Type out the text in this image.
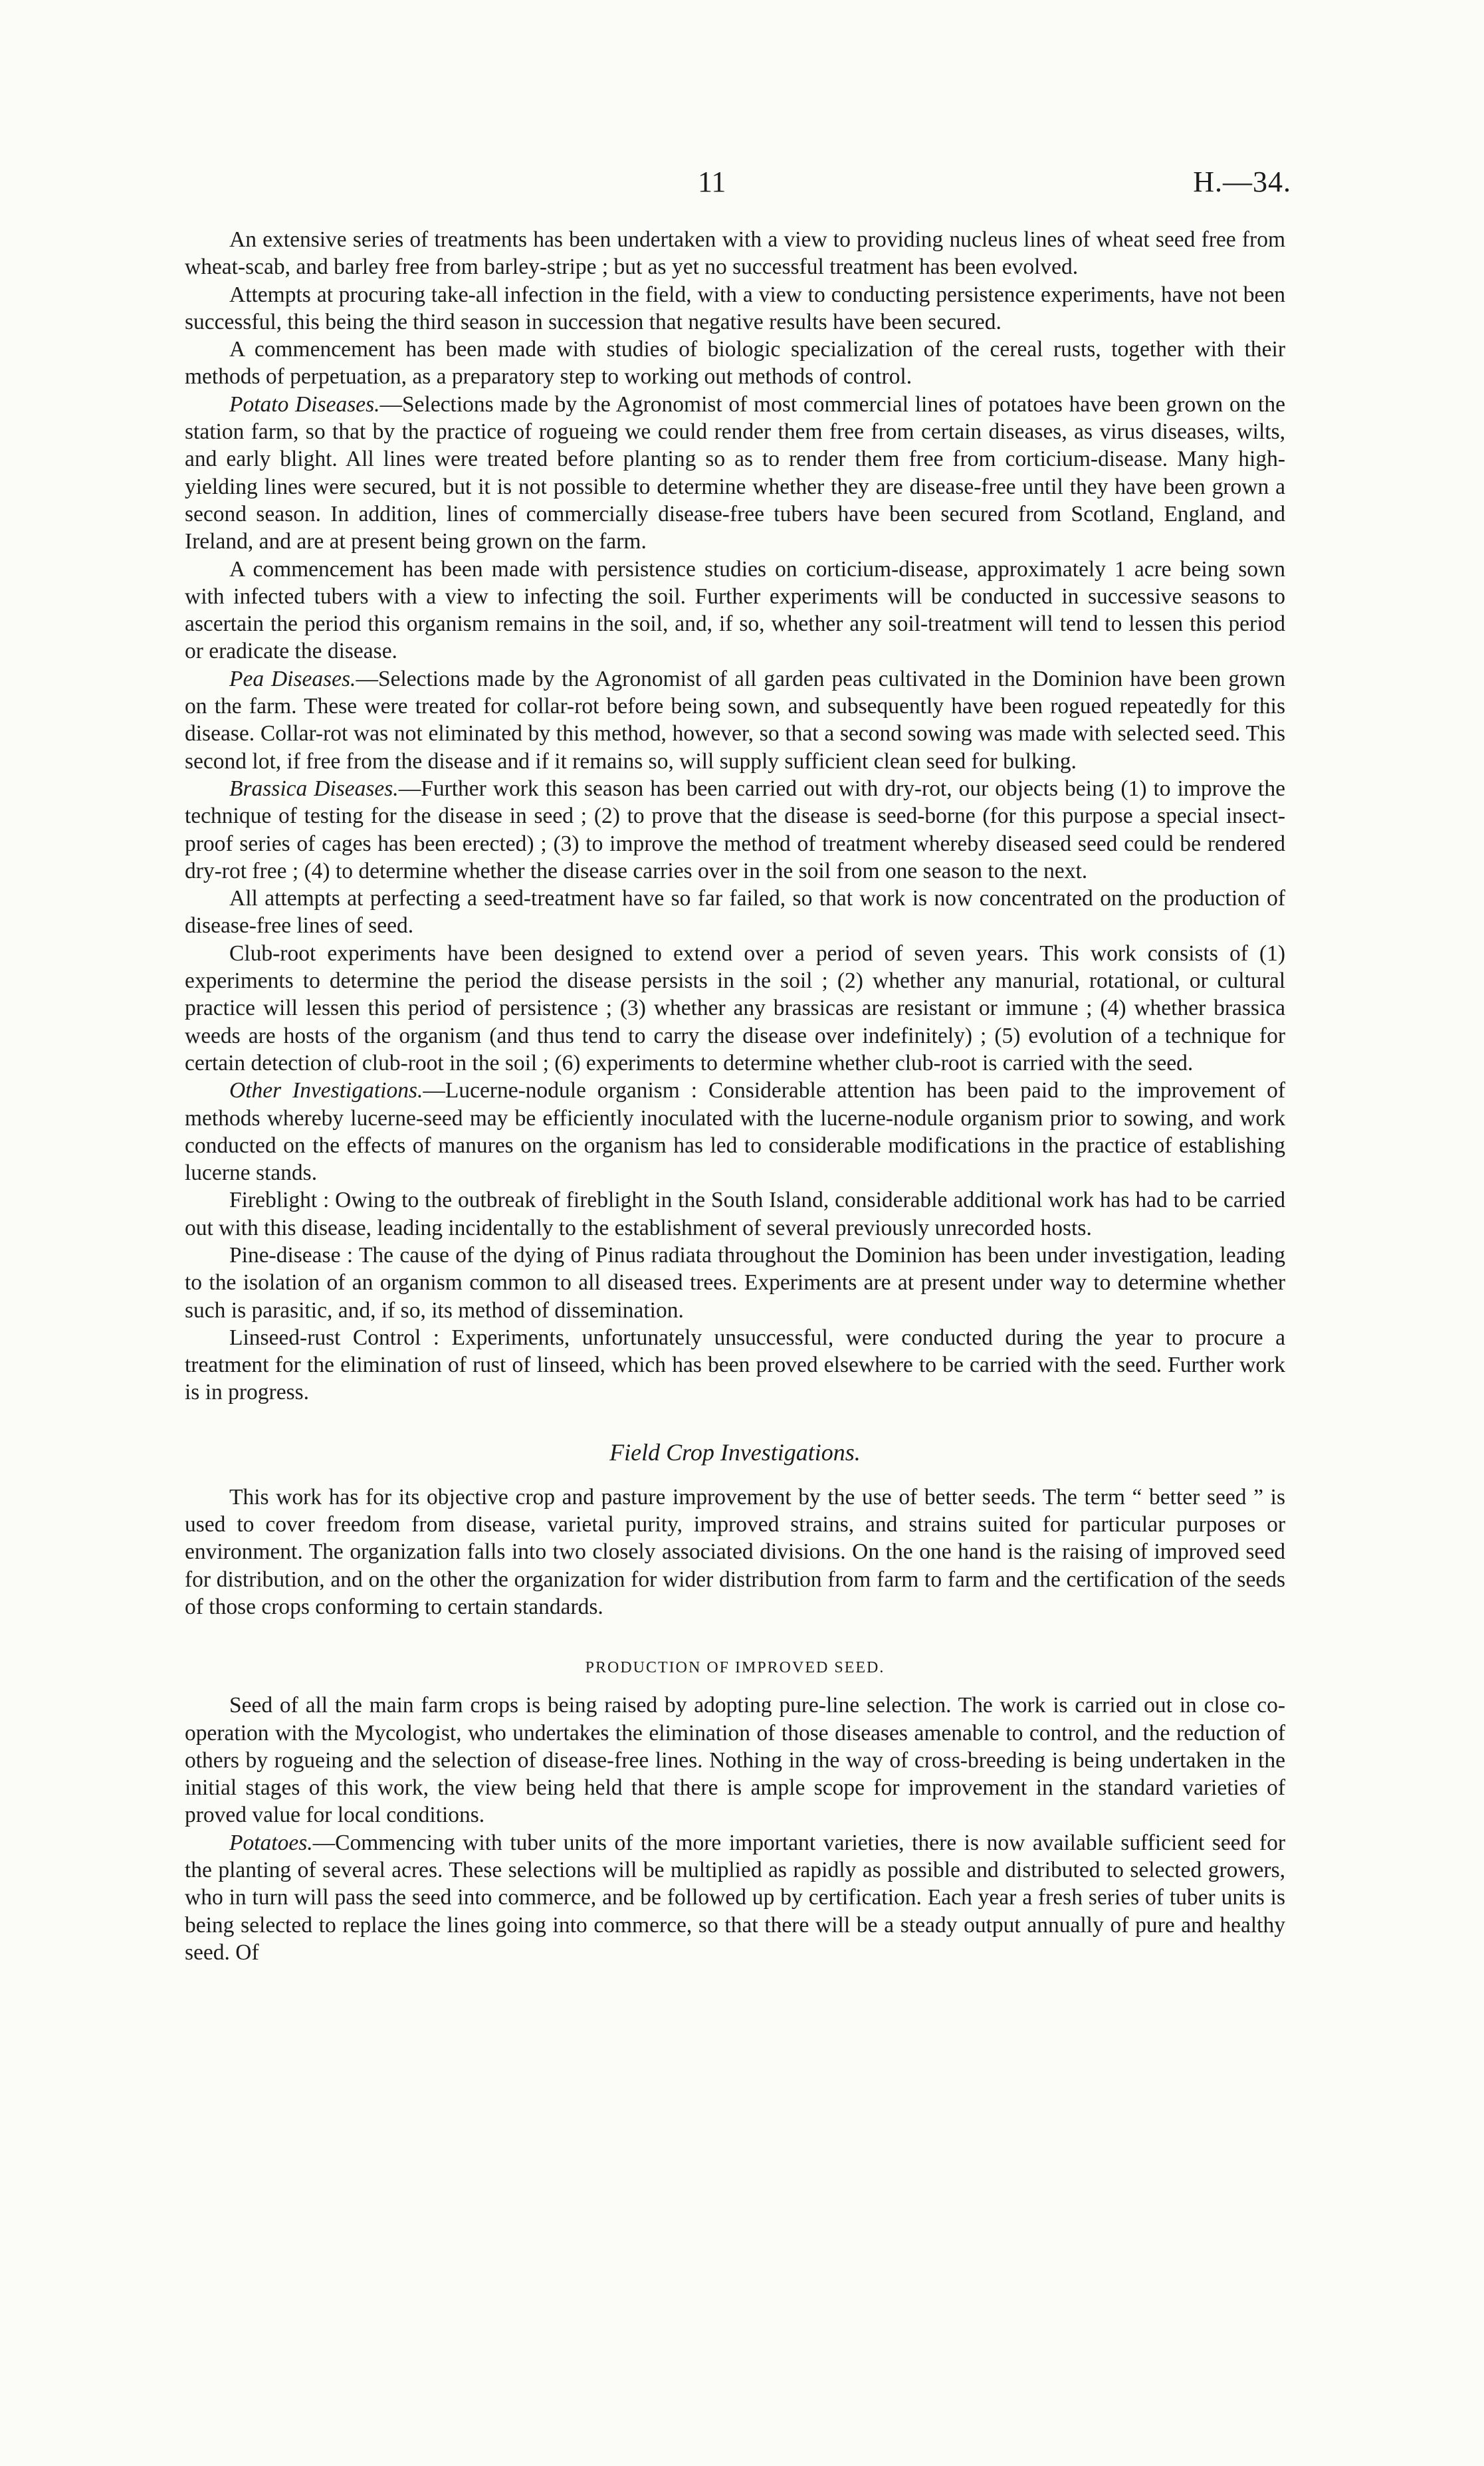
11	H.—34.

An extensive series of treatments has been undertaken with a view to providing nucleus lines of wheat seed free from wheat-scab, and barley free from barley-stripe ; but as yet no successful treatment has been evolved.

Attempts at procuring take-all infection in the field, with a view to conducting persistence experiments, have not been successful, this being the third season in succession that negative results have been secured.

A commencement has been made with studies of biologic specialization of the cereal rusts, together with their methods of perpetuation, as a preparatory step to working out methods of control.

Potato Diseases.—Selections made by the Agronomist of most commercial lines of potatoes have been grown on the station farm, so that by the practice of rogueing we could render them free from certain diseases, as virus diseases, wilts, and early blight. All lines were treated before planting so as to render them free from corticium-disease. Many high-yielding lines were secured, but it is not possible to determine whether they are disease-free until they have been grown a second season. In addition, lines of commercially disease-free tubers have been secured from Scotland, England, and Ireland, and are at present being grown on the farm.

A commencement has been made with persistence studies on corticium-disease, approximately 1 acre being sown with infected tubers with a view to infecting the soil. Further experiments will be conducted in successive seasons to ascertain the period this organism remains in the soil, and, if so, whether any soil-treatment will tend to lessen this period or eradicate the disease.

Pea Diseases.—Selections made by the Agronomist of all garden peas cultivated in the Dominion have been grown on the farm. These were treated for collar-rot before being sown, and subsequently have been rogued repeatedly for this disease. Collar-rot was not eliminated by this method, however, so that a second sowing was made with selected seed. This second lot, if free from the disease and if it remains so, will supply sufficient clean seed for bulking.

Brassica Diseases.—Further work this season has been carried out with dry-rot, our objects being (1) to improve the technique of testing for the disease in seed ; (2) to prove that the disease is seed-borne (for this purpose a special insect-proof series of cages has been erected) ; (3) to improve the method of treatment whereby diseased seed could be rendered dry-rot free ; (4) to determine whether the disease carries over in the soil from one season to the next.

All attempts at perfecting a seed-treatment have so far failed, so that work is now concentrated on the production of disease-free lines of seed.

Club-root experiments have been designed to extend over a period of seven years. This work consists of (1) experiments to determine the period the disease persists in the soil ; (2) whether any manurial, rotational, or cultural practice will lessen this period of persistence ; (3) whether any brassicas are resistant or immune ; (4) whether brassica weeds are hosts of the organism (and thus tend to carry the disease over indefinitely) ; (5) evolution of a technique for certain detection of club-root in the soil ; (6) experiments to determine whether club-root is carried with the seed.

Other Investigations.—Lucerne-nodule organism : Considerable attention has been paid to the improvement of methods whereby lucerne-seed may be efficiently inoculated with the lucerne-nodule organism prior to sowing, and work conducted on the effects of manures on the organism has led to considerable modifications in the practice of establishing lucerne stands.

Fireblight : Owing to the outbreak of fireblight in the South Island, considerable additional work has had to be carried out with this disease, leading incidentally to the establishment of several previously unrecorded hosts.

Pine-disease : The cause of the dying of Pinus radiata throughout the Dominion has been under investigation, leading to the isolation of an organism common to all diseased trees. Experiments are at present under way to determine whether such is parasitic, and, if so, its method of dissemination.

Linseed-rust Control : Experiments, unfortunately unsuccessful, were conducted during the year to procure a treatment for the elimination of rust of linseed, which has been proved elsewhere to be carried with the seed. Further work is in progress.

Field Crop Investigations.

This work has for its objective crop and pasture improvement by the use of better seeds. The term “ better seed ” is used to cover freedom from disease, varietal purity, improved strains, and strains suited for particular purposes or environment. The organization falls into two closely associated divisions. On the one hand is the raising of improved seed for distribution, and on the other the organization for wider distribution from farm to farm and the certification of the seeds of those crops conforming to certain standards.

PRODUCTION OF IMPROVED SEED.

Seed of all the main farm crops is being raised by adopting pure-line selection. The work is carried out in close co-operation with the Mycologist, who undertakes the elimination of those diseases amenable to control, and the reduction of others by rogueing and the selection of disease-free lines. Nothing in the way of cross-breeding is being undertaken in the initial stages of this work, the view being held that there is ample scope for improvement in the standard varieties of proved value for local conditions.

Potatoes.—Commencing with tuber units of the more important varieties, there is now available sufficient seed for the planting of several acres. These selections will be multiplied as rapidly as possible and distributed to selected growers, who in turn will pass the seed into commerce, and be followed up by certification. Each year a fresh series of tuber units is being selected to replace the lines going into commerce, so that there will be a steady output annually of pure and healthy seed. Of
